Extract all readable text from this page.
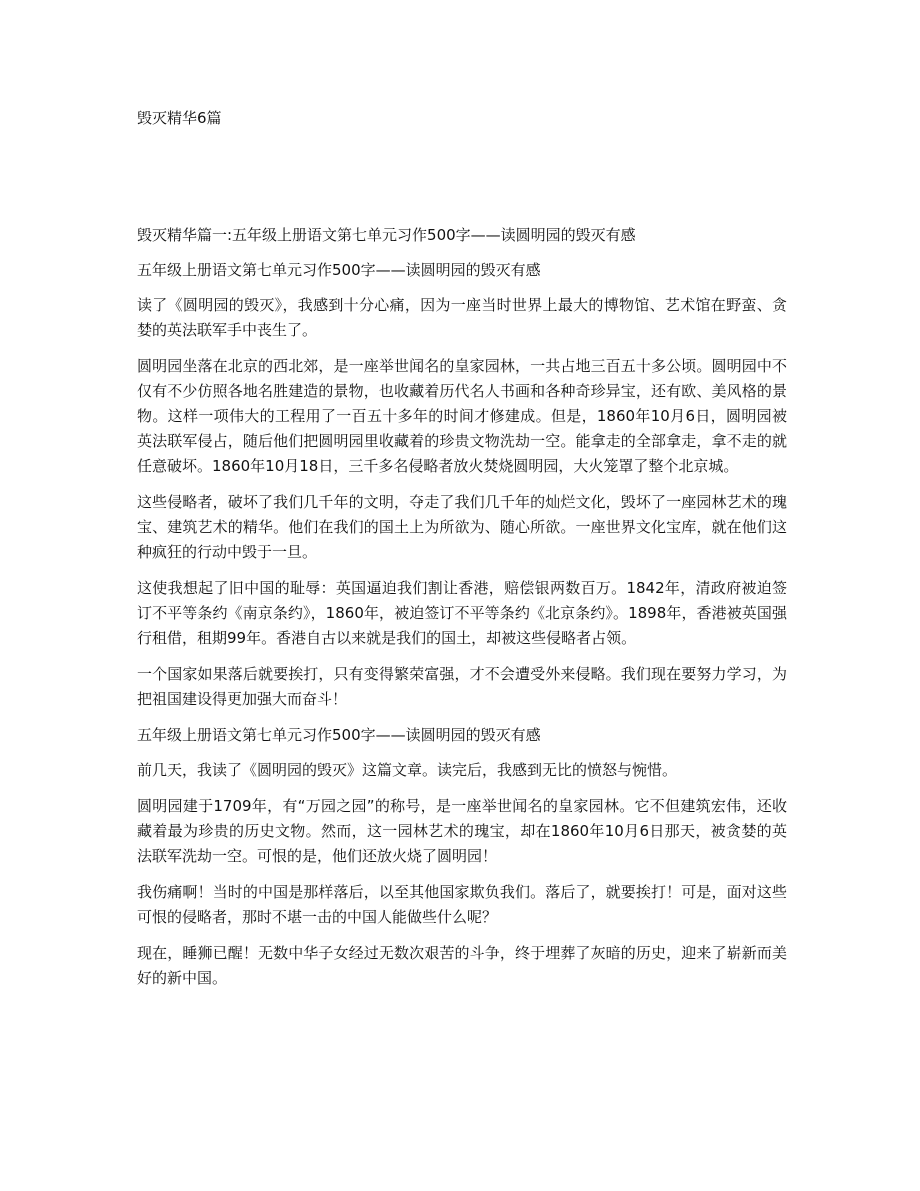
毁灭精华6篇

毁灭精华篇一:五年级上册语文第七单元习作500字——读圆明园的毁灭有感

五年级上册语文第七单元习作500字——读圆明园的毁灭有感

读了《圆明园的毁灭》，我感到十分心痛，因为一座当时世界上最大的博物馆、艺术馆在野蛮、贪婪的英法联军手中丧生了。

圆明园坐落在北京的西北郊，是一座举世闻名的皇家园林，一共占地三百五十多公顷。圆明园中不仅有不少仿照各地名胜建造的景物，也收藏着历代名人书画和各种奇珍异宝，还有欧、美风格的景物。这样一项伟大的工程用了一百五十多年的时间才修建成。但是，1860年10月6日，圆明园被英法联军侵占，随后他们把圆明园里收藏着的珍贵文物洗劫一空。能拿走的全部拿走，拿不走的就任意破坏。1860年10月18日，三千多名侵略者放火焚烧圆明园，大火笼罩了整个北京城。

这些侵略者，破坏了我们几千年的文明，夺走了我们几千年的灿烂文化，毁坏了一座园林艺术的瑰宝、建筑艺术的精华。他们在我们的国土上为所欲为、随心所欲。一座世界文化宝库，就在他们这种疯狂的行动中毁于一旦。

这使我想起了旧中国的耻辱：英国逼迫我们割让香港，赔偿银两数百万。1842年，清政府被迫签订不平等条约《南京条约》，1860年，被迫签订不平等条约《北京条约》。1898年，香港被英国强行租借，租期99年。香港自古以来就是我们的国土，却被这些侵略者占领。

一个国家如果落后就要挨打，只有变得繁荣富强，才不会遭受外来侵略。我们现在要努力学习，为把祖国建设得更加强大而奋斗！

五年级上册语文第七单元习作500字——读圆明园的毁灭有感

前几天，我读了《圆明园的毁灭》这篇文章。读完后，我感到无比的愤怒与惋惜。

圆明园建于1709年，有“万园之园”的称号，是一座举世闻名的皇家园林。它不但建筑宏伟，还收藏着最为珍贵的历史文物。然而，这一园林艺术的瑰宝，却在1860年10月6日那天，被贪婪的英法联军洗劫一空。可恨的是，他们还放火烧了圆明园！

我伤痛啊！当时的中国是那样落后，以至其他国家欺负我们。落后了，就要挨打！可是，面对这些可恨的侵略者，那时不堪一击的中国人能做些什么呢？

现在，睡狮已醒！无数中华子女经过无数次艰苦的斗争，终于埋葬了灰暗的历史，迎来了崭新而美好的新中国。
